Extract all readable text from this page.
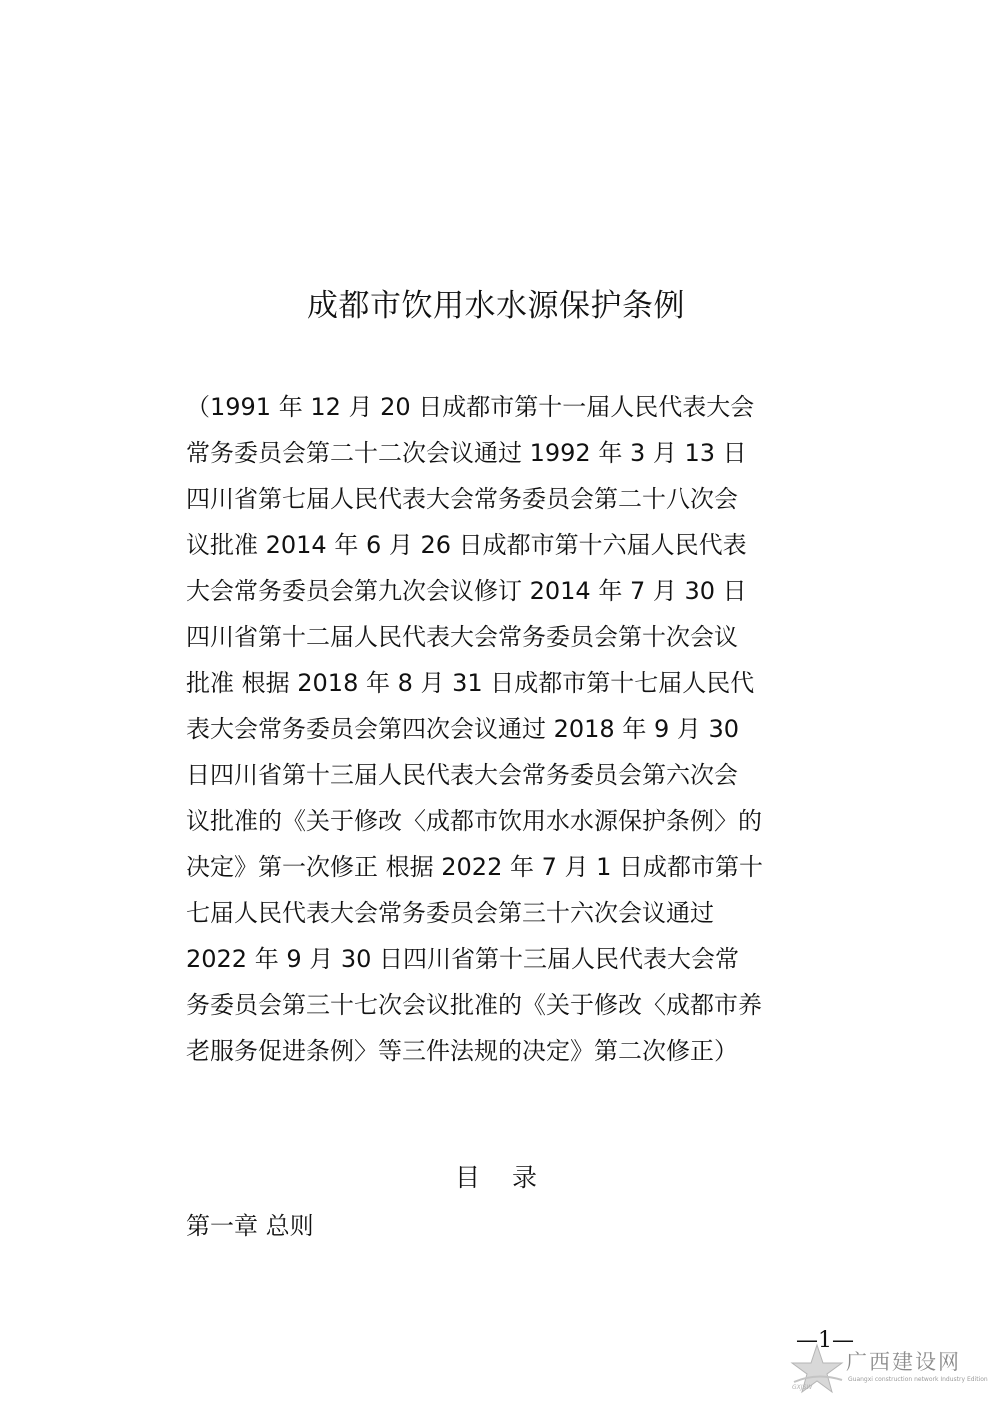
成都市饮用水水源保护条例
（1991 年 12 月 20 日成都市第十一届人民代表大会
常务委员会第二十二次会议通过 1992 年 3 月 13 日
四川省第七届人民代表大会常务委员会第二十八次会
议批准 2014 年 6 月 26 日成都市第十六届人民代表
大会常务委员会第九次会议修订 2014 年 7 月 30 日
四川省第十二届人民代表大会常务委员会第十次会议
批准 根据 2018 年 8 月 31 日成都市第十七届人民代
表大会常务委员会第四次会议通过 2018 年 9 月 30
日四川省第十三届人民代表大会常务委员会第六次会
议批准的《关于修改〈成都市饮用水水源保护条例〉的
决定》第一次修正 根据 2022 年 7 月 1 日成都市第十
七届人民代表大会常务委员会第三十六次会议通过
2022 年 9 月 30 日四川省第十三届人民代表大会常
务委员会第三十七次会议批准的《关于修改〈成都市养
老服务促进条例〉等三件法规的决定》第二次修正）
目 录
第一章 总则
—1—
广西建设网
Guangxi construction network Industry Edition
GXJSW
